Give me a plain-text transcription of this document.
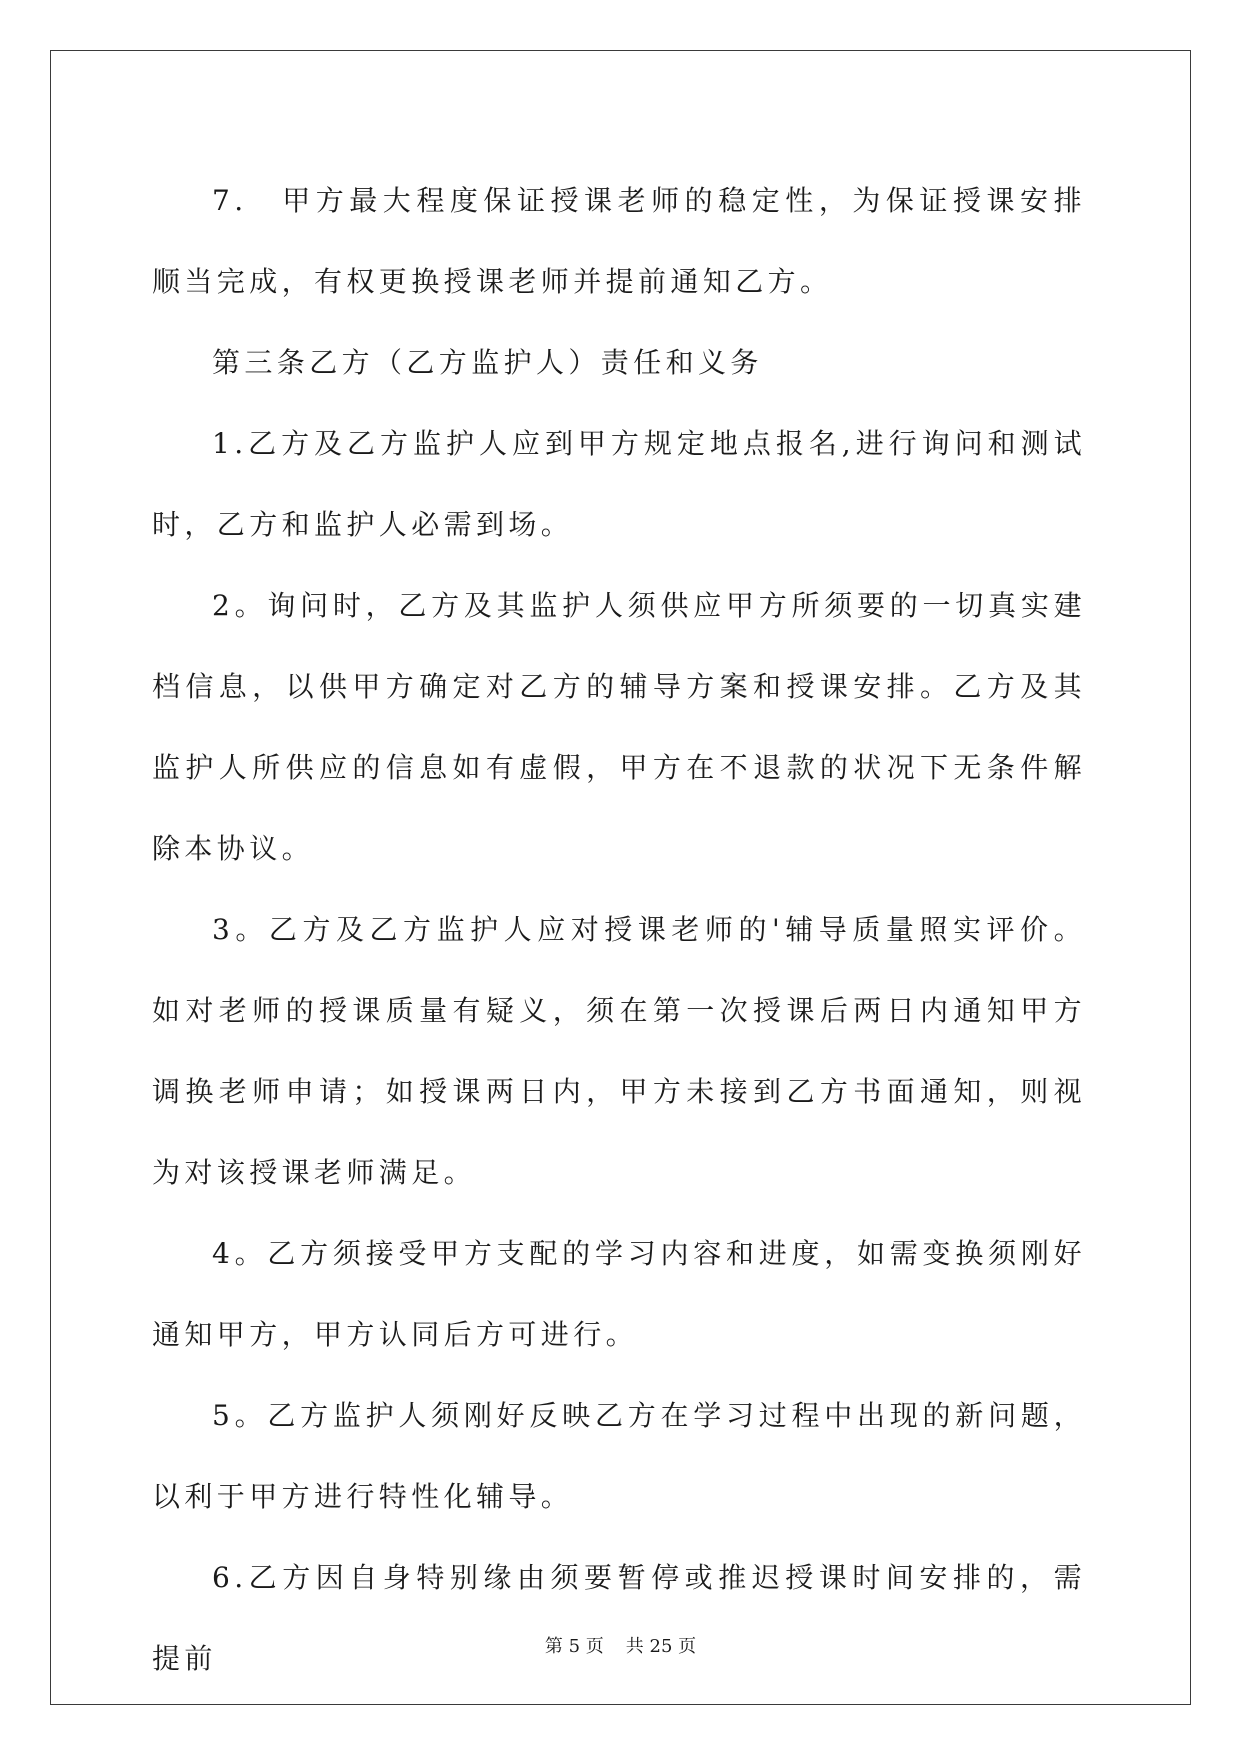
7.　甲方最大程度保证授课老师的稳定性，为保证授课安排顺当完成，有权更换授课老师并提前通知乙方。

第三条乙方（乙方监护人）责任和义务

1.乙方及乙方监护人应到甲方规定地点报名,进行询问和测试时，乙方和监护人必需到场。

2。询问时，乙方及其监护人须供应甲方所须要的一切真实建档信息，以供甲方确定对乙方的辅导方案和授课安排。乙方及其监护人所供应的信息如有虚假，甲方在不退款的状况下无条件解除本协议。

3。乙方及乙方监护人应对授课老师的'辅导质量照实评价。如对老师的授课质量有疑义，须在第一次授课后两日内通知甲方调换老师申请；如授课两日内，甲方未接到乙方书面通知，则视为对该授课老师满足。

4。乙方须接受甲方支配的学习内容和进度，如需变换须刚好通知甲方，甲方认同后方可进行。

5。乙方监护人须刚好反映乙方在学习过程中出现的新问题，以利于甲方进行特性化辅导。

6.乙方因自身特别缘由须要暂停或推迟授课时间安排的，需提前	第 5 页 共 25 页
